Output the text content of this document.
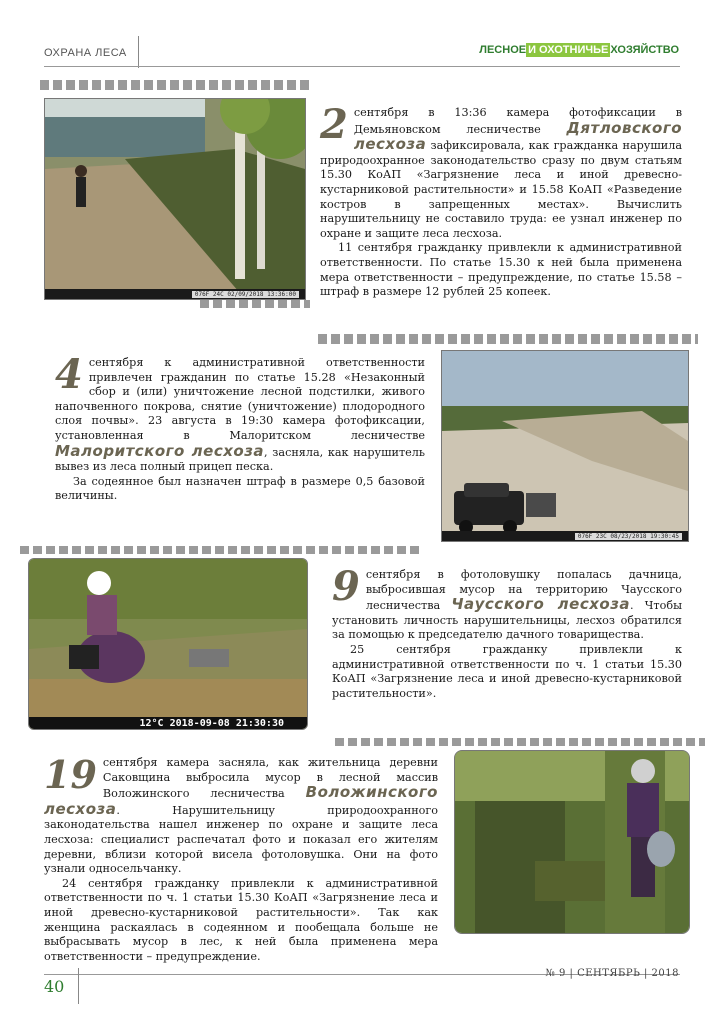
ОХРАНА ЛЕСА	ЛЕСНОЕ И ОХОТНИЧЬЕ ХОЗЯЙСТВО
076F 24C 02/09/2018 13:36:00

2 сентября в 13:36 камера фотофиксации в Демьяновском лесничестве Дятловского лесхоза зафиксировала, как гражданка нарушила природоохранное законодательство сразу по двум статьям 15.30 КоАП «Загрязнение леса и иной древесно-кустарниковой растительности» и 15.58 КоАП «Разведение костров в запрещенных местах». Вычислить нарушительницу не составило труда: ее узнал инженер по охране и защите леса лесхоза.

11 сентября гражданку привлекли к административной ответственности. По статье 15.30 к ней была применена мера ответственности – предупреждение, по статье 15.58 – штраф в размере 12 рублей 25 копеек.

4 сентября к административной ответственности привлечен гражданин по статье 15.28 «Незаконный сбор и (или) уничтожение лесной подстилки, живого напочвенного покрова, снятие (уничтожение) плодородного слоя почвы». 23 августа в 19:30 камера фотофиксации, установленная в Малоритском лесничестве Малоритского лесхоза, засняла, как нарушитель вывез из леса полный прицеп песка.

За содеянное был назначен штраф в размере 0,5 базовой величины.

076F 23C 08/23/2018 19:30:45
12°C 2018-09-08 21:30:30

9 сентября в фотоловушку попалась дачница, выбросившая мусор на территорию Чаусского лесничества Чаусского лесхоза. Чтобы установить личность нарушительницы, лесхоз обратился за помощью к председателю дачного товарищества.

25 сентября гражданку привлекли к административной ответственности по ч. 1 статьи 15.30 КоАП «Загрязнение леса и иной древесно-кустарниковой растительности».

19 сентября камера засняла, как жительница деревни Саковщина выбросила мусор в лесной массив Воложинского лесничества Воложинского лесхоза. Нарушительницу природоохранного законодательства нашел инженер по охране и защите леса лесхоза: специалист распечатал фото и показал его жителям деревни, вблизи которой висела фотоловушка. Они на фото узнали односельчанку.

24 сентября гражданку привлекли к административной ответственности по ч. 1 статьи 15.30 КоАП «Загрязнение леса и иной древесно-кустарниковой растительности». Так как женщина раскаялась в содеянном и пообещала больше не выбрасывать мусор в лес, к ней была применена мера ответственности – предупреждение.

40
№ 9 | СЕНТЯБРЬ | 2018
